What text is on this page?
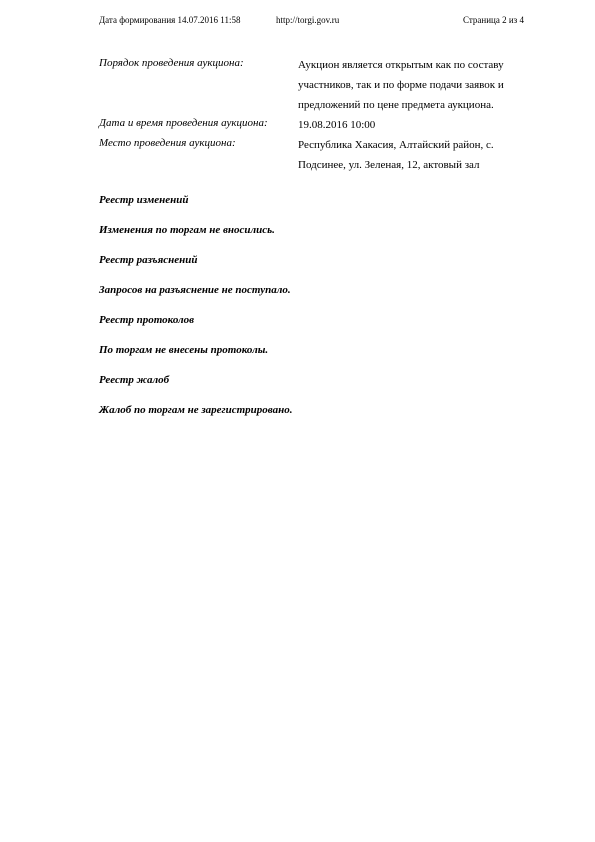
Дата формирования 14.07.2016 11:58	http://torgi.gov.ru	Страница 2 из 4
Порядок проведения аукциона:	Аукцион является открытым как по составу участников, так и по форме подачи заявок и предложений по цене предмета аукциона.
Дата и время проведения аукциона:	19.08.2016 10:00
Место проведения аукциона:	Республика Хакасия, Алтайский район, с. Подсинее, ул. Зеленая, 12, актовый зал
Реестр изменений
Изменения по торгам не вносились.
Реестр разъяснений
Запросов на разъяснение не поступало.
Реестр протоколов
По торгам не внесены протоколы.
Реестр жалоб
Жалоб по торгам не зарегистрировано.
